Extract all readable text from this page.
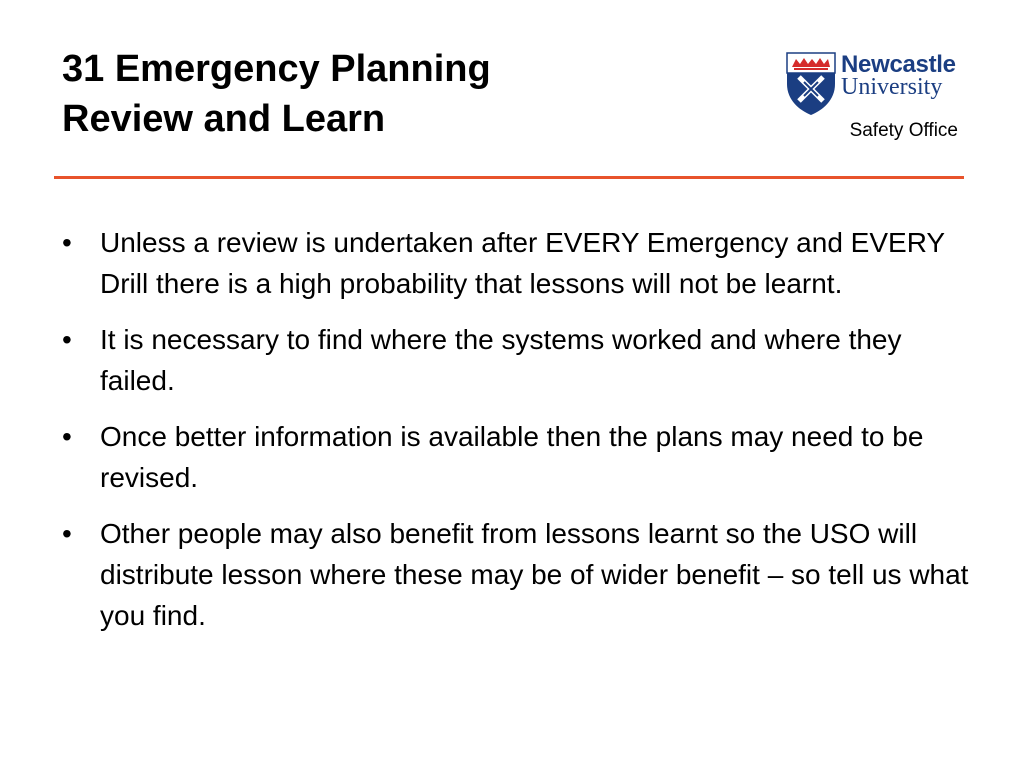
31 Emergency Planning
Review and Learn
Newcastle
University
Safety Office
• Unless a review is undertaken after EVERY Emergency and EVERY Drill there is a high probability that lessons will not be learnt.
• It is necessary to find where the systems worked and where they failed.
• Once better information is available then the plans may need to be revised.
• Other people may also benefit from lessons learnt so the USO will distribute lesson where these may be of wider benefit – so tell us what you find.
